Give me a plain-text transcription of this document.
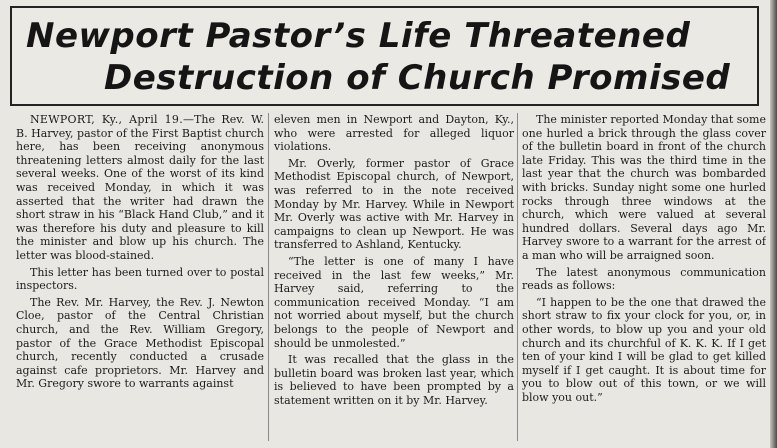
Newport Pastor’s Life Threatened
Destruction of Church Promised

NEWPORT, Ky., April 19.—The Rev. W. B. Harvey, pastor of the First Baptist church here, has been receiving anonymous threatening letters almost daily for the last several weeks. One of the worst of its kind was received Monday, in which it was asserted that the writer had drawn the short straw in his “Black Hand Club,” and it was therefore his duty and pleasure to kill the minister and blow up his church. The letter was blood-stained.

This letter has been turned over to postal inspectors.

The Rev. Mr. Harvey, the Rev. J. Newton Cloe, pastor of the Central Christian church, and the Rev. William Gregory, pastor of the Grace Methodist Episcopal church, recently conducted a crusade against cafe proprietors. Mr. Harvey and Mr. Gregory swore to warrants against

eleven men in Newport and Dayton, Ky., who were arrested for alleged liquor violations.

Mr. Overly, former pastor of Grace Methodist Episcopal church, of Newport, was referred to in the note received Monday by Mr. Harvey. While in Newport Mr. Overly was active with Mr. Harvey in campaigns to clean up Newport. He was transferred to Ashland, Kentucky.

“The letter is one of many I have received in the last few weeks,” Mr. Harvey said, referring to the communication received Monday. “I am not worried about myself, but the church belongs to the people of Newport and should be unmolested.”

It was recalled that the glass in the bulletin board was broken last year, which is believed to have been prompted by a statement written on it by Mr. Harvey.

The minister reported Monday that some one hurled a brick through the glass cover of the bulletin board in front of the church late Friday. This was the third time in the last year that the church was bombarded with bricks. Sunday night some one hurled rocks through three windows at the church, which were valued at several hundred dollars. Several days ago Mr. Harvey swore to a warrant for the arrest of a man who will be arraigned soon.

The latest anonymous communication reads as follows:

“I happen to be the one that drawed the short straw to fix your clock for you, or, in other words, to blow up you and your old church and its churchful of K. K. K. If I get ten of your kind I will be glad to get killed myself if I get caught. It is about time for you to blow out of this town, or we will blow you out.”
